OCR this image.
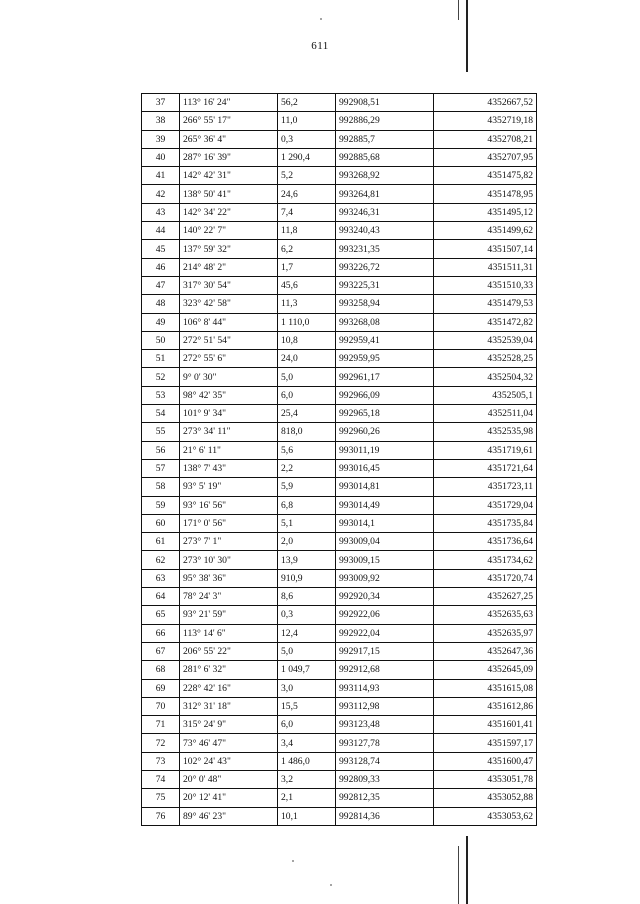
611
37	113° 16' 24"	56,2	992908,51	4352667,52
38	266° 55' 17"	11,0	992886,29	4352719,18
39	265° 36' 4"	0,3	992885,7	4352708,21
40	287° 16' 39"	1 290,4	992885,68	4352707,95
41	142° 42' 31"	5,2	993268,92	4351475,82
42	138° 50' 41"	24,6	993264,81	4351478,95
43	142° 34' 22"	7,4	993246,31	4351495,12
44	140° 22' 7"	11,8	993240,43	4351499,62
45	137° 59' 32"	6,2	993231,35	4351507,14
46	214° 48' 2"	1,7	993226,72	4351511,31
47	317° 30' 54"	45,6	993225,31	4351510,33
48	323° 42' 58"	11,3	993258,94	4351479,53
49	106° 8' 44"	1 110,0	993268,08	4351472,82
50	272° 51' 54"	10,8	992959,41	4352539,04
51	272° 55' 6"	24,0	992959,95	4352528,25
52	9° 0' 30"	5,0	992961,17	4352504,32
53	98° 42' 35"	6,0	992966,09	4352505,1
54	101° 9' 34"	25,4	992965,18	4352511,04
55	273° 34' 11"	818,0	992960,26	4352535,98
56	21° 6' 11"	5,6	993011,19	4351719,61
57	138° 7' 43"	2,2	993016,45	4351721,64
58	93° 5' 19"	5,9	993014,81	4351723,11
59	93° 16' 56"	6,8	993014,49	4351729,04
60	171° 0' 56"	5,1	993014,1	4351735,84
61	273° 7' 1"	2,0	993009,04	4351736,64
62	273° 10' 30"	13,9	993009,15	4351734,62
63	95° 38' 36"	910,9	993009,92	4351720,74
64	78° 24' 3"	8,6	992920,34	4352627,25
65	93° 21' 59"	0,3	992922,06	4352635,63
66	113° 14' 6"	12,4	992922,04	4352635,97
67	206° 55' 22"	5,0	992917,15	4352647,36
68	281° 6' 32"	1 049,7	992912,68	4352645,09
69	228° 42' 16"	3,0	993114,93	4351615,08
70	312° 31' 18"	15,5	993112,98	4351612,86
71	315° 24' 9"	6,0	993123,48	4351601,41
72	73° 46' 47"	3,4	993127,78	4351597,17
73	102° 24' 43"	1 486,0	993128,74	4351600,47
74	20° 0' 48"	3,2	992809,33	4353051,78
75	20° 12' 41"	2,1	992812,35	4353052,88
76	89° 46' 23"	10,1	992814,36	4353053,62
